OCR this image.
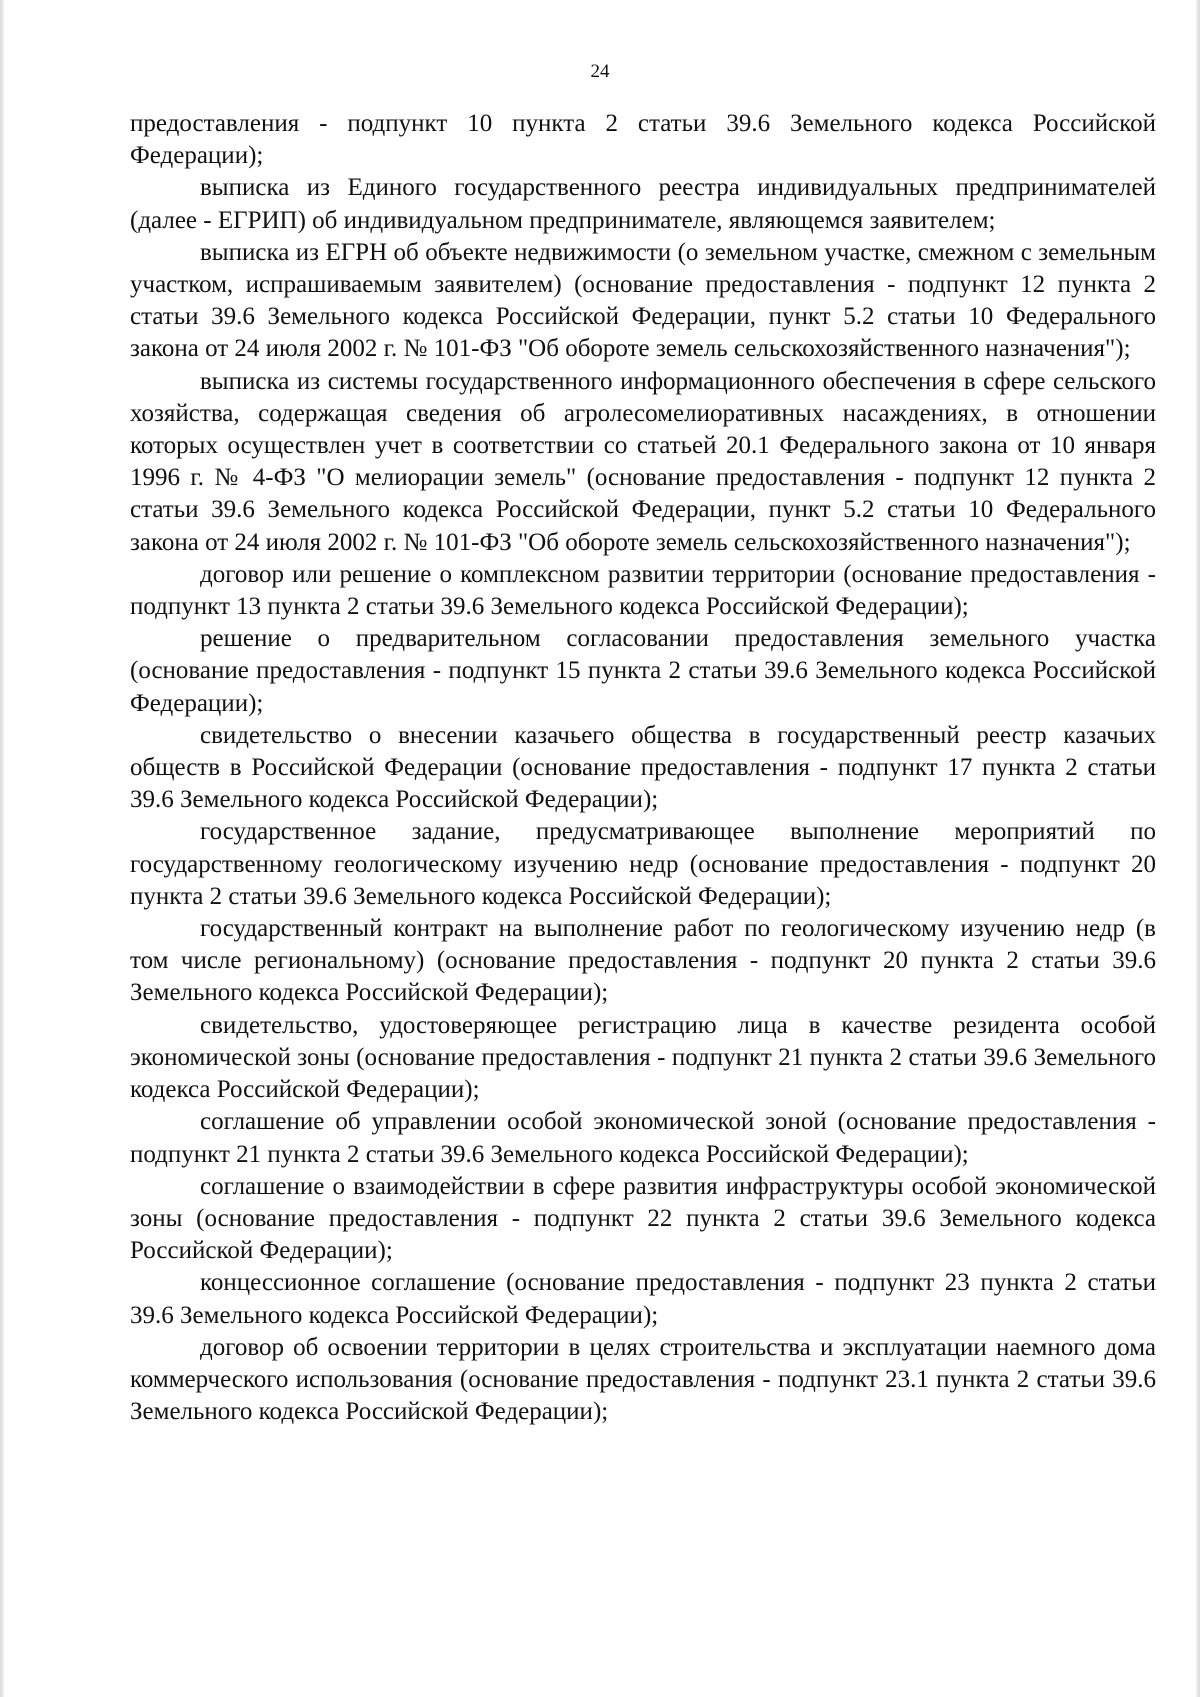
24

предоставления - подпункт 10 пункта 2 статьи 39.6 Земельного кодекса Российской Федерации);

выписка из Единого государственного реестра индивидуальных предпринимателей (далее - ЕГРИП) об индивидуальном предпринимателе, являющемся заявителем;

выписка из ЕГРН об объекте недвижимости (о земельном участке, смежном с земельным участком, испрашиваемым заявителем) (основание предоставления - подпункт 12 пункта 2 статьи 39.6 Земельного кодекса Российской Федерации, пункт 5.2 статьи 10 Федерального закона от 24 июля 2002 г. № 101-ФЗ "Об обороте земель сельскохозяйственного назначения");

выписка из системы государственного информационного обеспечения в сфере сельского хозяйства, содержащая сведения об агролесомелиоративных насаждениях, в отношении которых осуществлен учет в соответствии со статьей 20.1 Федерального закона от 10 января 1996 г. № 4-ФЗ "О мелиорации земель" (основание предоставления - подпункт 12 пункта 2 статьи 39.6 Земельного кодекса Российской Федерации, пункт 5.2 статьи 10 Федерального закона от 24 июля 2002 г. № 101-ФЗ "Об обороте земель сельскохозяйственного назначения");

договор или решение о комплексном развитии территории (основание предоставления - подпункт 13 пункта 2 статьи 39.6 Земельного кодекса Российской Федерации);

решение о предварительном согласовании предоставления земельного участка (основание предоставления - подпункт 15 пункта 2 статьи 39.6 Земельного кодекса Российской Федерации);

свидетельство о внесении казачьего общества в государственный реестр казачьих обществ в Российской Федерации (основание предоставления - подпункт 17 пункта 2 статьи 39.6 Земельного кодекса Российской Федерации);

государственное задание, предусматривающее выполнение мероприятий по государственному геологическому изучению недр (основание предоставления - подпункт 20 пункта 2 статьи 39.6 Земельного кодекса Российской Федерации);

государственный контракт на выполнение работ по геологическому изучению недр (в том числе региональному) (основание предоставления - подпункт 20 пункта 2 статьи 39.6 Земельного кодекса Российской Федерации);

свидетельство, удостоверяющее регистрацию лица в качестве резидента особой экономической зоны (основание предоставления - подпункт 21 пункта 2 статьи 39.6 Земельного кодекса Российской Федерации);

соглашение об управлении особой экономической зоной (основание предоставления - подпункт 21 пункта 2 статьи 39.6 Земельного кодекса Российской Федерации);

соглашение о взаимодействии в сфере развития инфраструктуры особой экономической зоны (основание предоставления - подпункт 22 пункта 2 статьи 39.6 Земельного кодекса Российской Федерации);

концессионное соглашение (основание предоставления - подпункт 23 пункта 2 статьи 39.6 Земельного кодекса Российской Федерации);

договор об освоении территории в целях строительства и эксплуатации наемного дома коммерческого использования (основание предоставления - подпункт 23.1 пункта 2 статьи 39.6 Земельного кодекса Российской Федерации);
